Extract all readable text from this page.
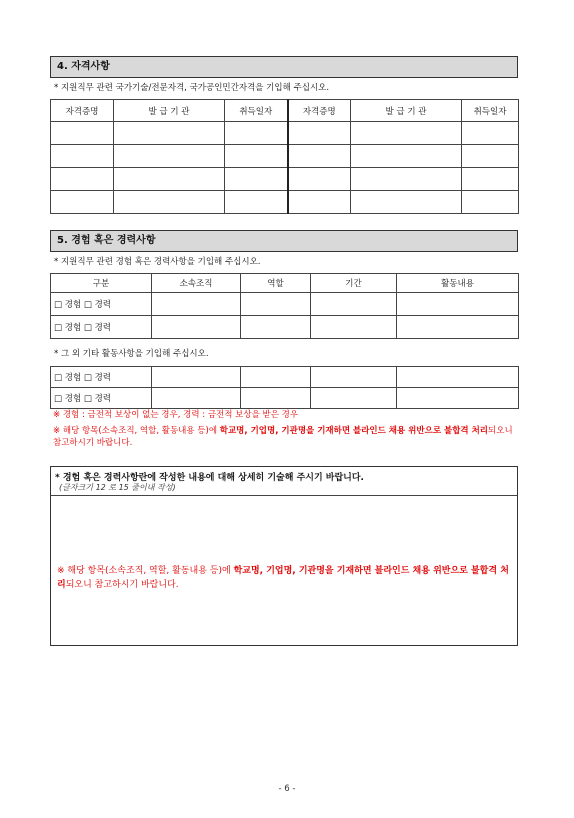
4. 자격사항
* 지원직무 관련 국가기술/전문자격, 국가공인민간자격을 기입해 주십시오.
자격증명	발 급 기 관	취득일자	자격증명	발 급 기 관	취득일자

5. 경험 혹은 경력사항
* 지원직무 관련 경험 혹은 경력사항을 기입해 주십시오.
구분	소속조직	역할	기간	활동내용
□ 경험 □ 경력				
□ 경험 □ 경력				
* 그 외 기타 활동사항을 기입해 주십시오.
□ 경험 □ 경력				
□ 경험 □ 경력				
※ 경험 : 금전적 보상이 없는 경우, 경력 : 금전적 보상을 받은 경우
※ 해당 항목(소속조직, 역할, 활동내용 등)에 학교명, 기업명, 기관명을 기재하면 블라인드 채용 위반으로 불합격 처리되오니 참고하시기 바랍니다.
* 경험 혹은 경력사항란에 작성한 내용에 대해 상세히 기술해 주시기 바랍니다.
(글자크기 12 로 15 줄이내 작성)
※ 해당 항목(소속조직, 역할, 활동내용 등)에 학교명, 기업명, 기관명을 기재하면 블라인드 채용 위반으로 불합격 처리되오니 참고하시기 바랍니다.
- 6 -
